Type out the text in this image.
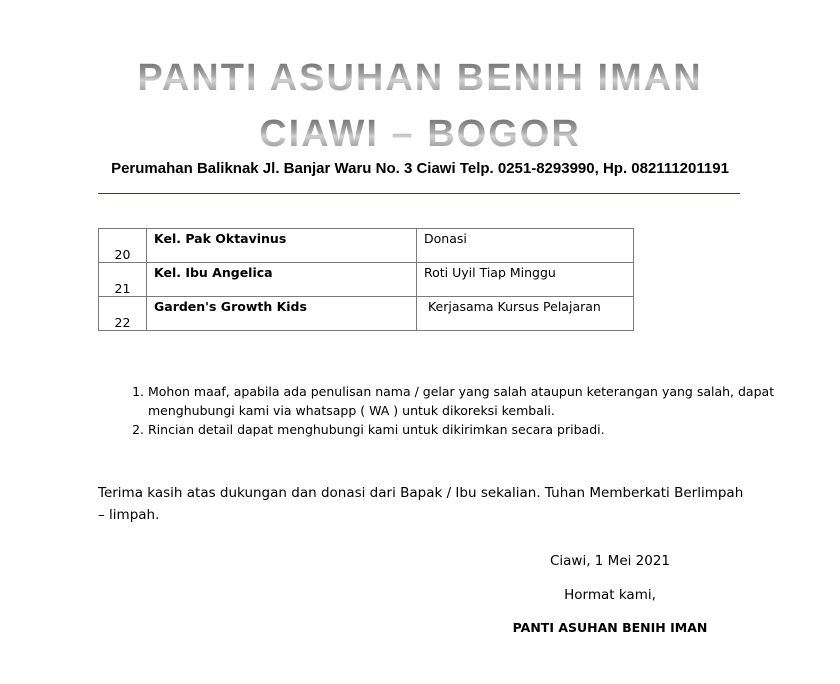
PANTI ASUHAN BENIH IMAN
CIAWI – BOGOR
Perumahan Baliknak Jl. Banjar Waru No. 3 Ciawi Telp. 0251-8293990, Hp. 082111201191
20	Kel. Pak Oktavinus	Donasi

21	Kel. Ibu Angelica	Roti Uyil Tiap Minggu

22	Garden's Growth Kids	Kerjasama Kursus Pelajaran
1. Mohon maaf, apabila ada penulisan nama / gelar yang salah ataupun keterangan yang salah, dapat menghubungi kami via whatsapp ( WA ) untuk dikoreksi kembali.
2. Rincian detail dapat menghubungi kami untuk dikirimkan secara pribadi.
Terima kasih atas dukungan dan donasi dari Bapak / Ibu sekalian. Tuhan Memberkati Berlimpah – limpah.
Ciawi, 1 Mei 2021
Hormat kami,
PANTI ASUHAN BENIH IMAN
